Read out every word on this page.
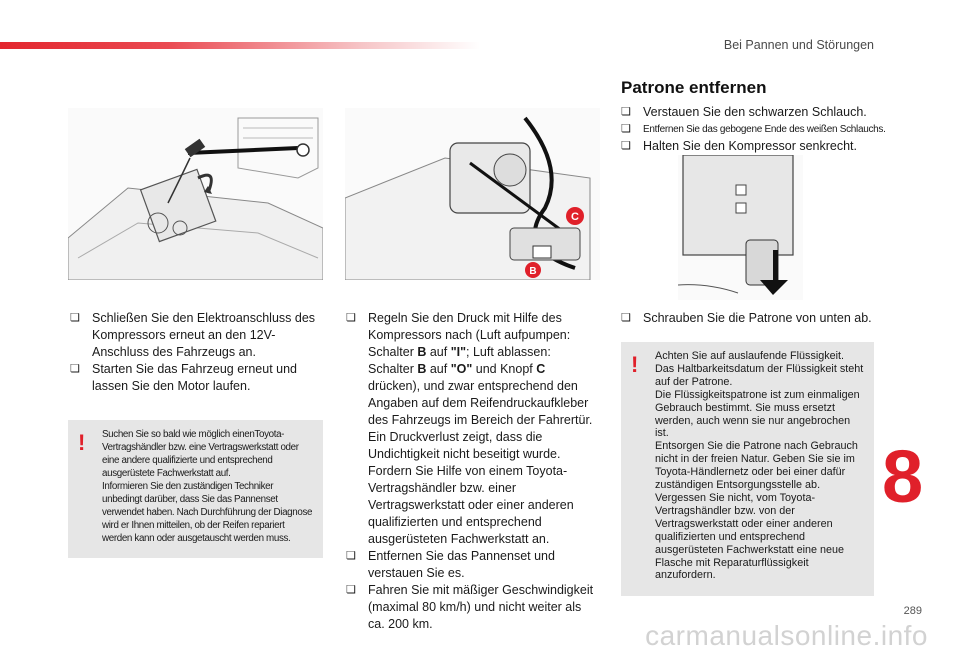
Bei Pannen und Störungen
C
B
❏ Schließen Sie den Elektroanschluss des Kompressors erneut an den 12V-Anschluss des Fahrzeugs an.
❏ Starten Sie das Fahrzeug erneut und lassen Sie den Motor laufen.
! Suchen Sie so bald wie möglich einenToyota-Vertragshändler bzw. eine Vertragswerkstatt oder eine andere qualifizierte und entsprechend ausgerüstete Fachwerkstatt auf.
Informieren Sie den zuständigen Techniker unbedingt darüber, dass Sie das Pannenset verwendet haben. Nach Durchführung der Diagnose wird er Ihnen mitteilen, ob der Reifen repariert werden kann oder ausgetauscht werden muss.

❏ Regeln Sie den Druck mit Hilfe des Kompressors nach (Luft aufpumpen: Schalter B auf "I"; Luft ablassen: Schalter B auf "O" und Knopf C drücken), und zwar entsprechend den Angaben auf dem Reifendruckaufkleber des Fahrzeugs im Bereich der Fahrertür. Ein Druckverlust zeigt, dass die Undichtigkeit nicht beseitigt wurde. Fordern Sie Hilfe von einem Toyota-Vertragshändler bzw. einer Vertragswerkstatt oder einer anderen qualifizierten und entsprechend ausgerüsteten Fachwerkstatt an.
❏ Entfernen Sie das Pannenset und verstauen Sie es.
❏ Fahren Sie mit mäßiger Geschwindigkeit (maximal 80 km/h) und nicht weiter als ca. 200 km.
Patrone entfernen
❏ Verstauen Sie den schwarzen Schlauch.
❏ Entfernen Sie das gebogene Ende des weißen Schlauchs.
❏ Halten Sie den Kompressor senkrecht.
❏ Schrauben Sie die Patrone von unten ab.
! Achten Sie auf auslaufende Flüssigkeit.
Das Haltbarkeitsdatum der Flüssigkeit steht auf der Patrone.
Die Flüssigkeitspatrone ist zum einmaligen Gebrauch bestimmt. Sie muss ersetzt werden, auch wenn sie nur angebrochen ist.
Entsorgen Sie die Patrone nach Gebrauch nicht in der freien Natur. Geben Sie sie im Toyota-Händlernetz oder bei einer dafür zuständigen Entsorgungsstelle ab.
Vergessen Sie nicht, vom Toyota-Vertragshändler bzw. von der Vertragswerkstatt oder einer anderen qualifizierten und entsprechend ausgerüsteten Fachwerkstatt eine neue Flasche mit Reparaturflüssigkeit anzufordern.

8
289
carmanualsonline.info
